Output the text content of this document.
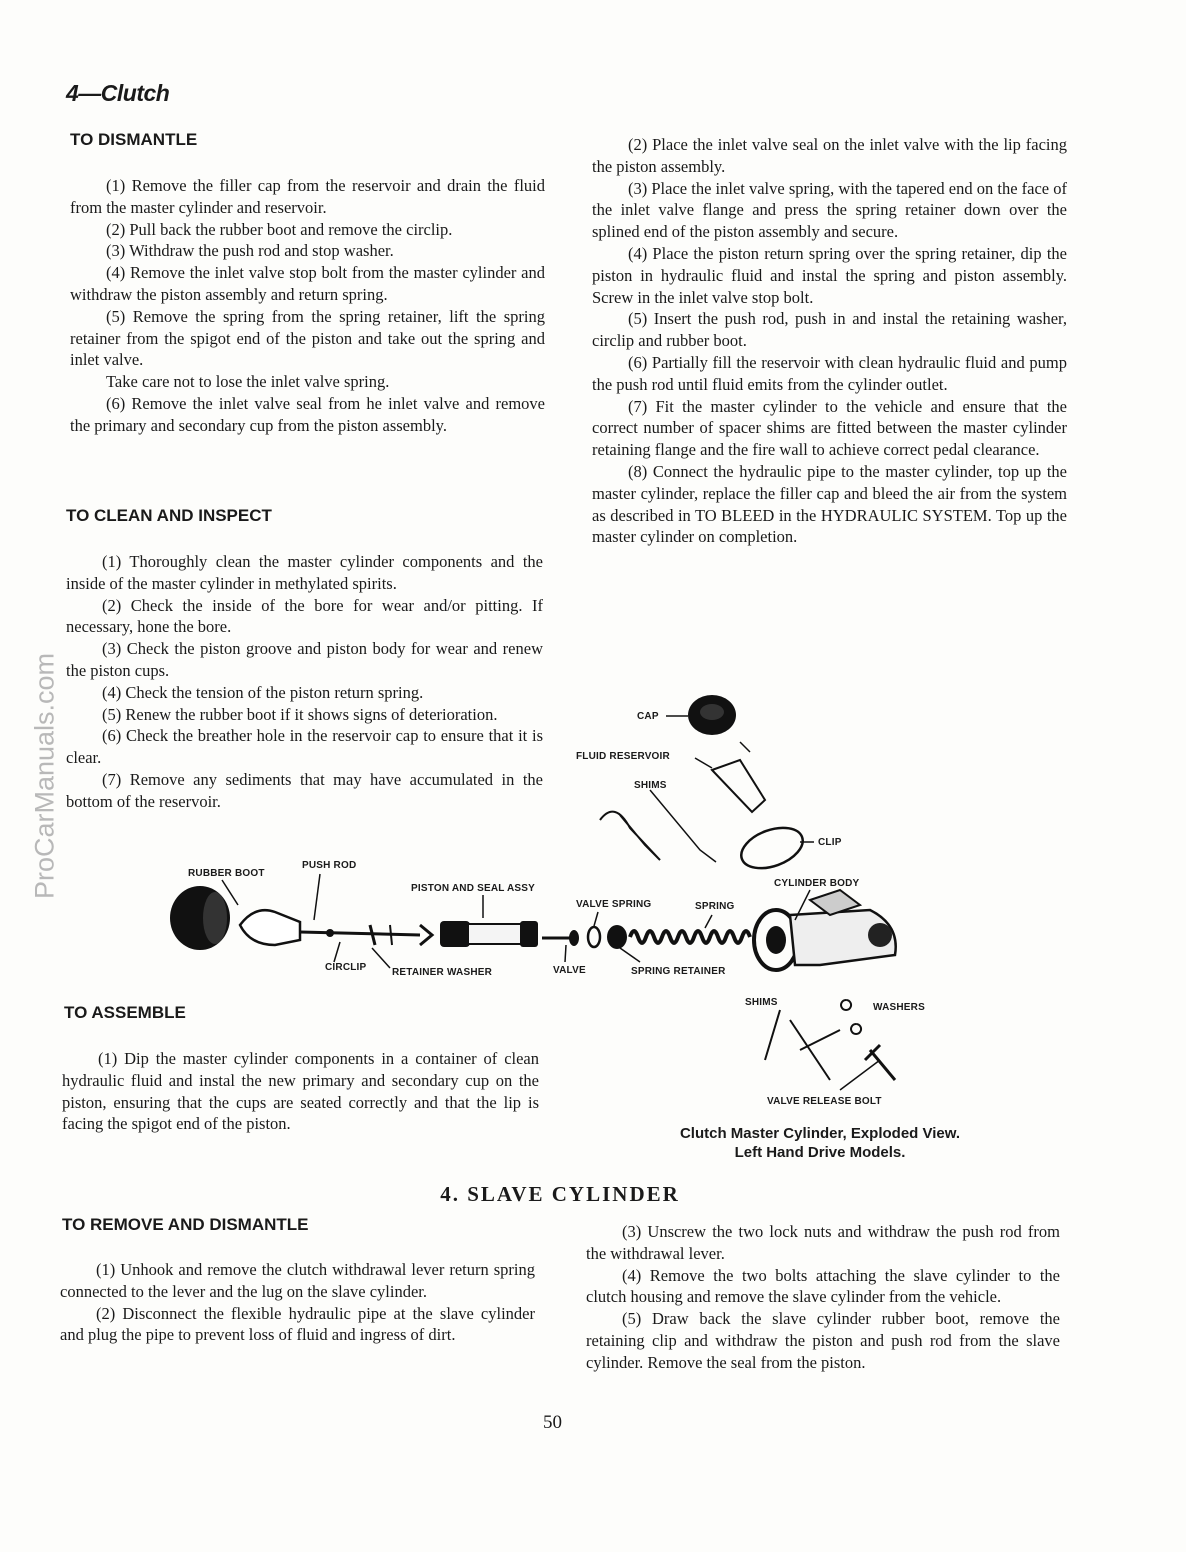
4—Clutch
ProCarManuals.com
TO DISMANTLE

(1) Remove the filler cap from the reservoir and drain the fluid from the master cylinder and reservoir.

(2) Pull back the rubber boot and remove the circlip.

(3) Withdraw the push rod and stop washer.

(4) Remove the inlet valve stop bolt from the master cylinder and withdraw the piston assembly and return spring.

(5) Remove the spring from the spring retainer, lift the spring retainer from the spigot end of the piston and take out the spring and inlet valve.

Take care not to lose the inlet valve spring.

(6) Remove the inlet valve seal from he inlet valve and remove the primary and secondary cup from the piston assembly.

TO CLEAN AND INSPECT

(1) Thoroughly clean the master cylinder components and the inside of the master cylinder in methylated spirits.

(2) Check the inside of the bore for wear and/or pitting. If necessary, hone the bore.

(3) Check the piston groove and piston body for wear and renew the piston cups.

(4) Check the tension of the piston return spring.

(5) Renew the rubber boot if it shows signs of deterioration.

(6) Check the breather hole in the reservoir cap to ensure that it is clear.

(7) Remove any sediments that may have accumulated in the bottom of the reservoir.

(2) Place the inlet valve seal on the inlet valve with the lip facing the piston assembly.

(3) Place the inlet valve spring, with the tapered end on the face of the inlet valve flange and press the spring retainer down over the splined end of the piston assembly and secure.

(4) Place the piston return spring over the spring retainer, dip the piston in hydraulic fluid and instal the spring and piston assembly. Screw in the inlet valve stop bolt.

(5) Insert the push rod, push in and instal the retaining washer, circlip and rubber boot.

(6) Partially fill the reservoir with clean hydraulic fluid and pump the push rod until fluid emits from the cylinder outlet.

(7) Fit the master cylinder to the vehicle and ensure that the correct number of spacer shims are fitted between the master cylinder retaining flange and the fire wall to achieve correct pedal clearance.

(8) Connect the hydraulic pipe to the master cylinder, top up the master cylinder, replace the filler cap and bleed the air from the system as described in TO BLEED in the HYDRAULIC SYSTEM. Top up the master cylinder on completion.

CAP
FLUID RESERVOIR
SHIMS
CLIP
CYLINDER BODY
RUBBER BOOT
PUSH ROD
PISTON AND SEAL ASSY
VALVE SPRING	SPRING
CIRCLIP	RETAINER WASHER	VALVE	SPRING RETAINER
SHIMS	WASHERS
VALVE RELEASE BOLT
Clutch Master Cylinder, Exploded View.
Left Hand Drive Models.
TO ASSEMBLE

(1) Dip the master cylinder components in a container of clean hydraulic fluid and instal the new primary and secondary cup on the piston, ensuring that the cups are seated correctly and that the lip is facing the spigot end of the piston.

4. SLAVE CYLINDER
TO REMOVE AND DISMANTLE

(1) Unhook and remove the clutch withdrawal lever return spring connected to the lever and the lug on the slave cylinder.

(2) Disconnect the flexible hydraulic pipe at the slave cylinder and plug the pipe to prevent loss of fluid and ingress of dirt.

(3) Unscrew the two lock nuts and withdraw the push rod from the withdrawal lever.

(4) Remove the two bolts attaching the slave cylinder to the clutch housing and remove the slave cylinder from the vehicle.

(5) Draw back the slave cylinder rubber boot, remove the retaining clip and withdraw the piston and push rod from the slave cylinder. Remove the seal from the piston.

50
